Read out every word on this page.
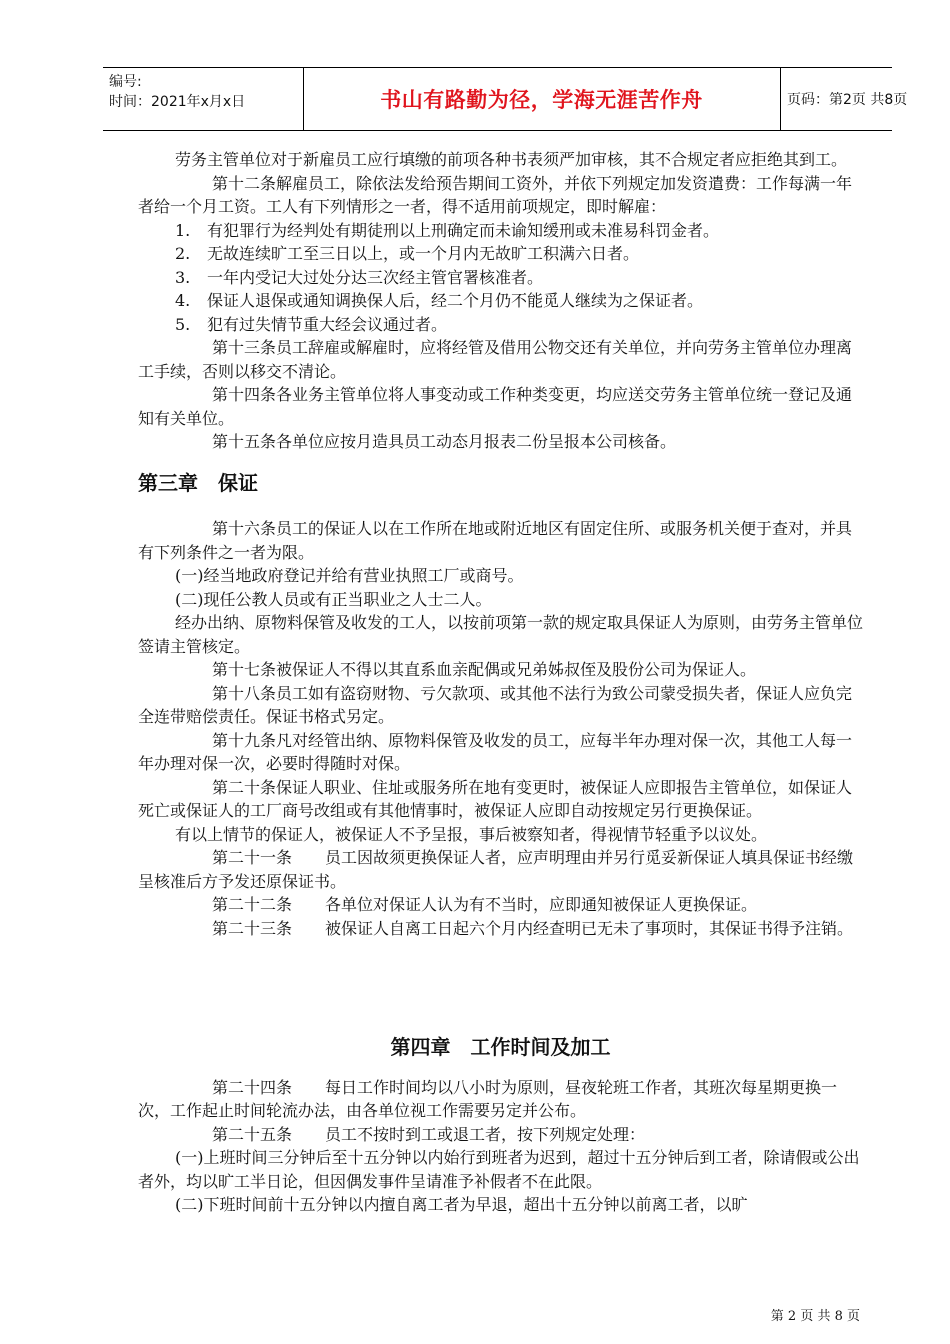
编号:
时间：2021年x月x日	书山有路勤为径，学海无涯苦作舟	页码：第2页 共8页

劳务主管单位对于新雇员工应行填缴的前项各种书表须严加审核，其不合规定者应拒绝其到工。

第十二条解雇员工，除依法发给预告期间工资外，并依下列规定加发资遣费：工作每满一年者给一个月工资。工人有下列情形之一者，得不适用前项规定，即时解雇：

1. 有犯罪行为经判处有期徒刑以上刑确定而未谕知缓刑或未准易科罚金者。

2. 无故连续旷工至三日以上，或一个月内无故旷工积满六日者。

3. 一年内受记大过处分达三次经主管官署核准者。

4. 保证人退保或通知调换保人后，经二个月仍不能觅人继续为之保证者。

5. 犯有过失情节重大经会议通过者。

第十三条员工辞雇或解雇时，应将经管及借用公物交还有关单位，并向劳务主管单位办理离工手续，否则以移交不清论。

第十四条各业务主管单位将人事变动或工作种类变更，均应送交劳务主管单位统一登记及通知有关单位。

第十五条各单位应按月造具员工动态月报表二份呈报本公司核备。

第三章　保证

第十六条员工的保证人以在工作所在地或附近地区有固定住所、或服务机关便于查对，并具有下列条件之一者为限。

(一)经当地政府登记并给有营业执照工厂或商号。

(二)现任公教人员或有正当职业之人士二人。

经办出纳、原物料保管及收发的工人，以按前项第一款的规定取具保证人为原则，由劳务主管单位签请主管核定。

第十七条被保证人不得以其直系血亲配偶或兄弟姊叔侄及股份公司为保证人。

第十八条员工如有盗窃财物、亏欠款项、或其他不法行为致公司蒙受损失者，保证人应负完全连带赔偿责任。保证书格式另定。

第十九条凡对经管出纳、原物料保管及收发的员工，应每半年办理对保一次，其他工人每一年办理对保一次，必要时得随时对保。

第二十条保证人职业、住址或服务所在地有变更时，被保证人应即报告主管单位，如保证人死亡或保证人的工厂商号改组或有其他情事时，被保证人应即自动按规定另行更换保证。

有以上情节的保证人，被保证人不予呈报，事后被察知者，得视情节轻重予以议处。

第二十一条 员工因故须更换保证人者，应声明理由并另行觅妥新保证人填具保证书经缴呈核准后方予发还原保证书。

第二十二条 各单位对保证人认为有不当时，应即通知被保证人更换保证。

第二十三条 被保证人自离工日起六个月内经查明已无未了事项时，其保证书得予注销。

第四章　工作时间及加工

第二十四条 每日工作时间均以八小时为原则，昼夜轮班工作者，其班次每星期更换一次，工作起止时间轮流办法，由各单位视工作需要另定并公布。

第二十五条 员工不按时到工或退工者，按下列规定处理：

(一)上班时间三分钟后至十五分钟以内始行到班者为迟到，超过十五分钟后到工者，除请假或公出者外，均以旷工半日论，但因偶发事件呈请准予补假者不在此限。

(二)下班时间前十五分钟以内擅自离工者为早退，超出十五分钟以前离工者，以旷

第 2 页 共 8 页
